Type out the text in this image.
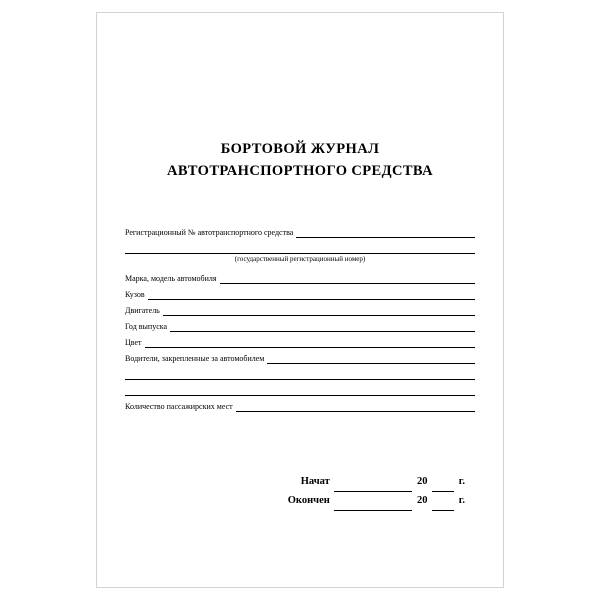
БОРТОВОЙ ЖУРНАЛ
АВТОТРАНСПОРТНОГО СРЕДСТВА
Регистрационный № автотранспортного средства
(государственный регистрационный номер)
Марка, модель автомобиля
Кузов
Двигатель
Год выпуска
Цвет
Водители, закрепленные за автомобилем
Количество пассажирских мест
Начат	20	г.
Окончен	20	г.
